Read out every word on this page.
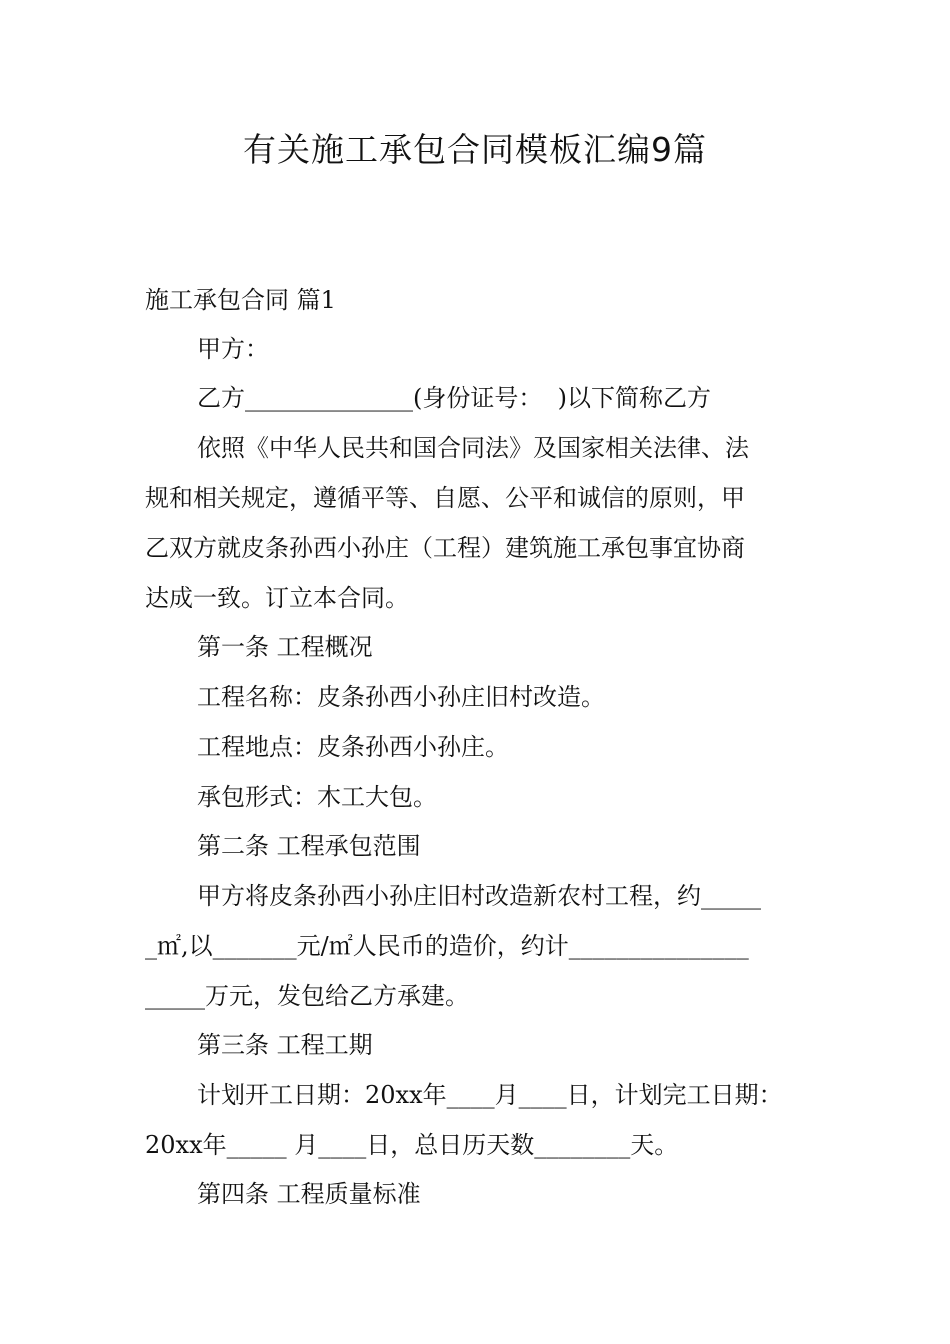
有关施工承包合同模板汇编9篇

施工承包合同 篇1

甲方：

乙方______________(身份证号：  )以下简称乙方

依照《中华人民共和国合同法》及国家相关法律、法

规和相关规定，遵循平等、自愿、公平和诚信的原则，甲

乙双方就皮条孙西小孙庄（工程）建筑施工承包事宜协商

达成一致。订立本合同。

第一条 工程概况

工程名称：皮条孙西小孙庄旧村改造。

工程地点：皮条孙西小孙庄。

承包形式：木工大包。

第二条 工程承包范围

甲方将皮条孙西小孙庄旧村改造新农村工程，约_____

_㎡,以_______元/㎡人民币的造价，约计_______________

_____万元，发包给乙方承建。

第三条 工程工期

计划开工日期：20xx年____月____日，计划完工日期：

20xx年_____ 月____日，总日历天数________天。

第四条 工程质量标准
